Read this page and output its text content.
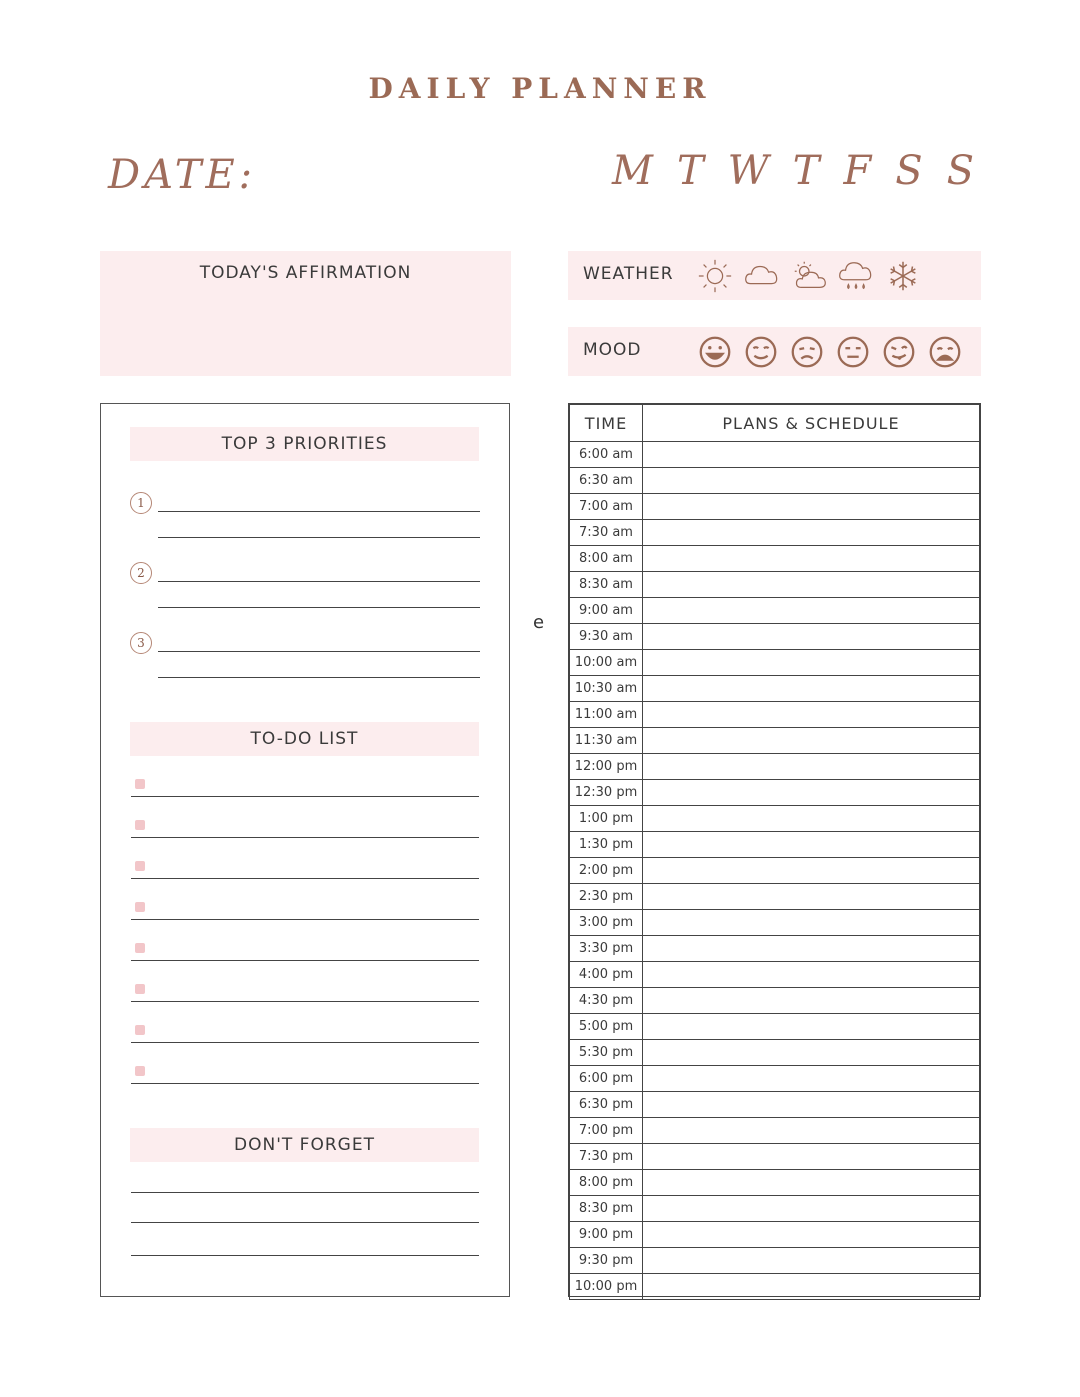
DAILY PLANNER
DATE:	M T W T F S S
TODAY'S AFFIRMATION	WEATHER
MOOD
e
TOP 3 PRIORITIES
1
2
3
TO-DO LIST
DON'T FORGET
TIME	PLANS & SCHEDULE
6:00 am	
6:30 am	
7:00 am	
7:30 am	
8:00 am	
8:30 am	
9:00 am	
9:30 am	
10:00 am	
10:30 am	
11:00 am	
11:30 am	
12:00 pm	
12:30 pm	
1:00 pm	
1:30 pm	
2:00 pm	
2:30 pm	
3:00 pm	
3:30 pm	
4:00 pm	
4:30 pm	
5:00 pm	
5:30 pm	
6:00 pm	
6:30 pm	
7:00 pm	
7:30 pm	
8:00 pm	
8:30 pm	
9:00 pm	
9:30 pm	
10:00 pm	
